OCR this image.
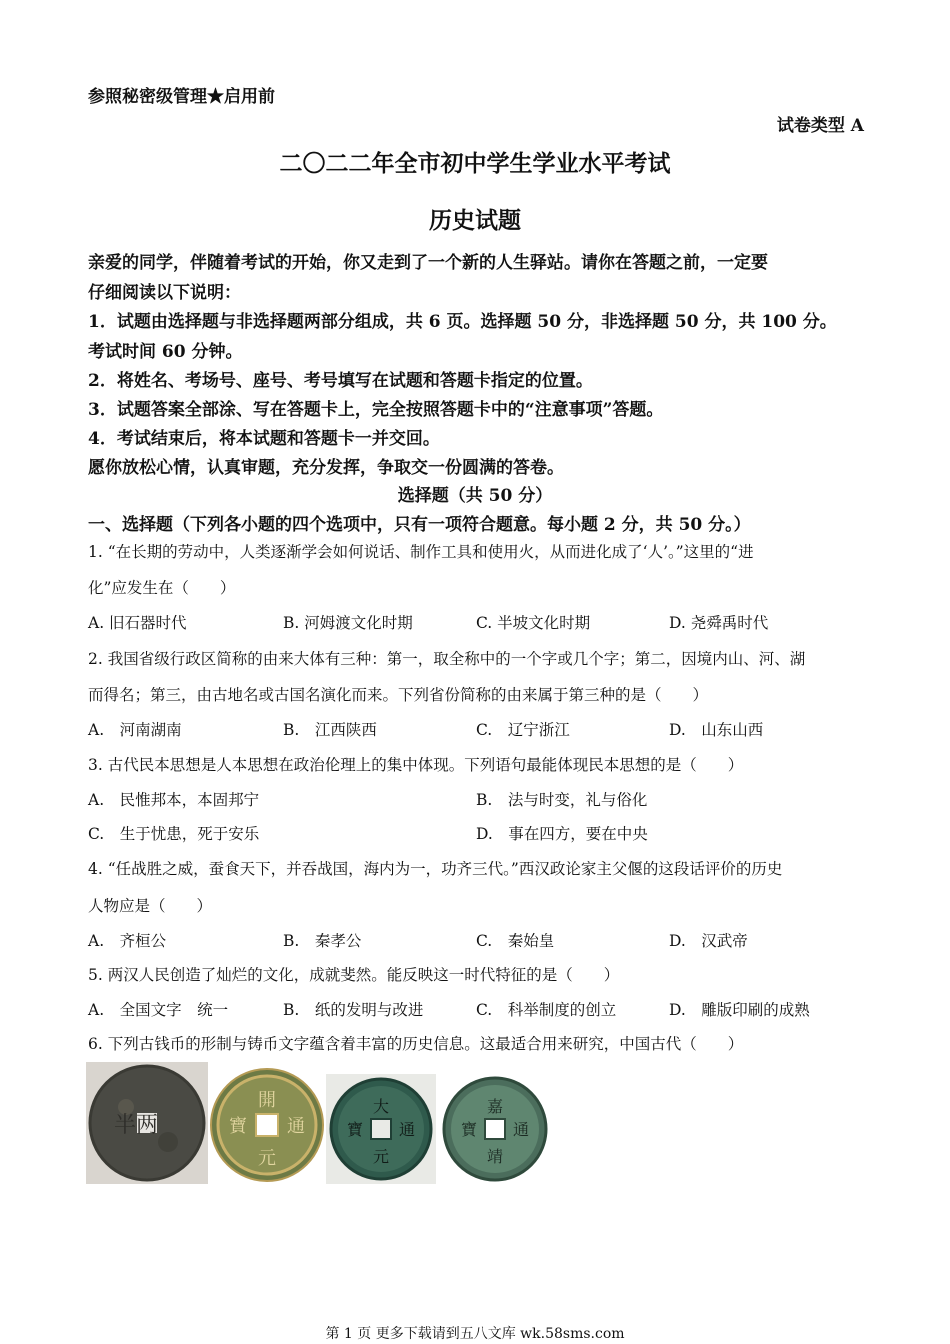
参照秘密级管理★启用前
试卷类型 A
二〇二二年全市初中学生学业水平考试
历史试题
亲爱的同学，伴随着考试的开始，你又走到了一个新的人生驿站。请你在答题之前，一定要
仔细阅读以下说明：
1．试题由选择题与非选择题两部分组成，共 6 页。选择题 50 分，非选择题 50 分，共 100 分。
考试时间 60 分钟。
2．将姓名、考场号、座号、考号填写在试题和答题卡指定的位置。
3．试题答案全部涂、写在答题卡上，完全按照答题卡中的“注意事项”答题。
4．考试结束后，将本试题和答题卡一并交回。
愿你放松心情，认真审题，充分发挥，争取交一份圆满的答卷。
选择题（共 50 分）
一、选择题（下列各小题的四个选项中，只有一项符合题意。每小题 2 分，共 50 分。）
1. “在长期的劳动中，人类逐渐学会如何说话、制作工具和使用火，从而进化成了‘人’。”这里的“进
化”应发生在（　　）
A. 旧石器时代	B. 河姆渡文化时期	C. 半坡文化时期	D. 尧舜禹时代
2. 我国省级行政区简称的由来大体有三种：第一，取全称中的一个字或几个字；第二，因境内山、河、湖
而得名；第三，由古地名或古国名演化而来。下列省份简称的由来属于第三种的是（　　）
A.　河南湖南	B.　江西陕西	C.　辽宁浙江	D.　山东山西
3. 古代民本思想是人本思想在政治伦理上的集中体现。下列语句最能体现民本思想的是（　　）
A.　民惟邦本，本固邦宁	B.　法与时变，礼与俗化
C.　生于忧患，死于安乐	D.　事在四方，要在中央
4. “任战胜之威，蚕食天下，并吞战国，海内为一，功齐三代。”西汉政论家主父偃的这段话评价的历史
人物应是（　　）
A.　齐桓公	B.　秦孝公	C.　秦始皇	D.　汉武帝
5. 两汉人民创造了灿烂的文化，成就斐然。能反映这一时代特征的是（　　）
A.　全国文字　统一	B.　纸的发明与改进	C.　科举制度的创立	D.　雕版印刷的成熟
6. 下列古钱币的形制与铸币文字蕴含着丰富的历史信息。这最适合用来研究，中国古代（　　）
半两
開
元
通
寶
大
元
通
寶
嘉
靖
通
寶
第 1 页 更多下载请到五八文库 wk.58sms.com
